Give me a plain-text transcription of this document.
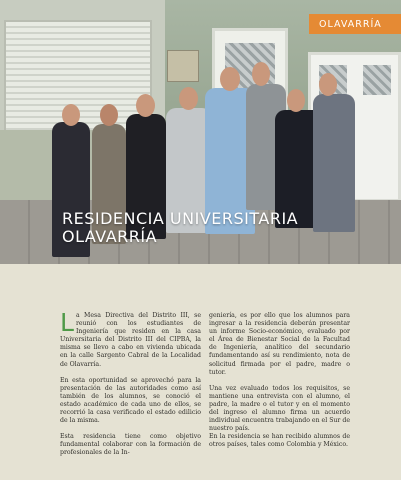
OLAVARRÍA
RESIDENCIA UNIVERSITARIA
OLAVARRÍA

La Mesa Directiva del Distrito III, se reunió con los estudiantes de Ingeniería que residen en la casa Universitaria del Distrito III del CIPBA, la misma se llevo a cabo en vivienda ubicada en la calle Sargento Cabral de la Localidad de Olavarría.

En esta oportunidad se aprovechó para la presentación de las autoridades como así también de los alumnos, se conoció el estado académico de cada uno de ellos, se recorrió la casa verificado el estado edilicio de la misma.

Esta residencia tiene como objetivo fundamental colaborar con la formación de profesionales de la In-

geniería, es por ello que los alumnos para ingresar a la residencia deberán presentar un informe Socio-económico, evaluado por el Área de Bienestar Social de la Facultad de Ingeniería, analítico del secundario fundamentando así su rendimiento, nota de solicitud firmada por el padre, madre o tutor.

Una vez evaluado todos los requisitos, se mantiene una entrevista con el alumno, el padre, la madre o el tutor y en el momento del ingreso el alumno firma un acuerdo individual encuentra trabajando en el Sur de nuestro país.

En la residencia se han recibido alumnos de otros países, tales como Colombia y México.
